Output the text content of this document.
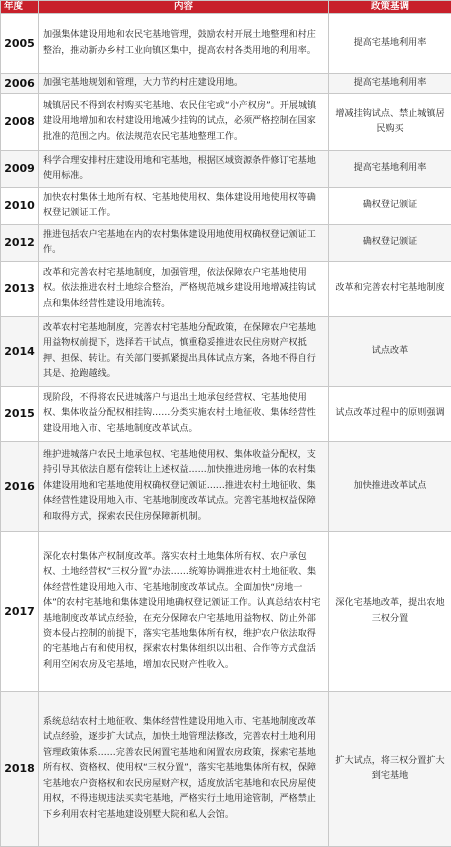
年度	内容	政策基调
2005	加强集体建设用地和农民宅基地管理，鼓励农村开展土地整理和村庄整治，推动新办乡村工业向镇区集中，提高农村各类用地的利用率。	提高宅基地利用率
2006	加强宅基地规划和管理，大力节约村庄建设用地。	提高宅基地利用率
2008	城镇居民不得到农村购买宅基地、农民住宅或“小产权房”。开展城镇建设用地增加和农村建设用地减少挂钩的试点，必须严格控制在国家批准的范围之内。依法规范农民宅基地整理工作。	增减挂钩试点、禁止城镇居民购买
2009	科学合理安排村庄建设用地和宅基地，根据区域资源条件修订宅基地使用标准。	提高宅基地利用率
2010	加快农村集体土地所有权、宅基地使用权、集体建设用地使用权等确权登记颁证工作。	确权登记颁证
2012	推进包括农户宅基地在内的农村集体建设用地使用权确权登记颁证工作。	确权登记颁证
2013	改革和完善农村宅基地制度，加强管理，依法保障农户宅基地使用权。依法推进农村土地综合整治，严格规范城乡建设用地增减挂钩试点和集体经营性建设用地流转。	改革和完善农村宅基地制度
2014	改革农村宅基地制度，完善农村宅基地分配政策，在保障农户宅基地用益物权前提下，选择若干试点，慎重稳妥推进农民住房财产权抵押、担保、转让。有关部门要抓紧提出具体试点方案，各地不得自行其是、抢跑越线。	试点改革
2015	现阶段，不得将农民进城落户与退出土地承包经营权、宅基地使用权、集体收益分配权相挂钩……分类实施农村土地征收、集体经营性建设用地入市、宅基地制度改革试点。	试点改革过程中的原则强调
2016	维护进城落户农民土地承包权、宅基地使用权、集体收益分配权，支持引导其依法自愿有偿转让上述权益……加快推进房地一体的农村集体建设用地和宅基地使用权确权登记颁证……推进农村土地征收、集体经营性建设用地入市、宅基地制度改革试点。完善宅基地权益保障和取得方式，探索农民住房保障新机制。	加快推进改革试点
2017	深化农村集体产权制度改革。落实农村土地集体所有权、农户承包权、土地经营权“三权分置”办法……统筹协调推进农村土地征收、集体经营性建设用地入市、宅基地制度改革试点。全面加快“房地一体”的农村宅基地和集体建设用地确权登记颁证工作。认真总结农村宅基地制度改革试点经验，在充分保障农户宅基地用益物权、防止外部资本侵占控制的前提下，落实宅基地集体所有权，维护农户依法取得的宅基地占有和使用权，探索农村集体组织以出租、合作等方式盘活利用空闲农房及宅基地，增加农民财产性收入。	深化宅基地改革，提出农地三权分置
2018	系统总结农村土地征收、集体经营性建设用地入市、宅基地制度改革试点经验，逐步扩大试点，加快土地管理法修改，完善农村土地利用管理政策体系……完善农民闲置宅基地和闲置农房政策，探索宅基地所有权、资格权、使用权“三权分置”，落实宅基地集体所有权，保障宅基地农户资格权和农民房屋财产权，适度放活宅基地和农民房屋使用权，不得违规违法买卖宅基地，严格实行土地用途管制，严格禁止下乡利用农村宅基地建设别墅大院和私人会馆。	扩大试点，将三权分置扩大到宅基地
